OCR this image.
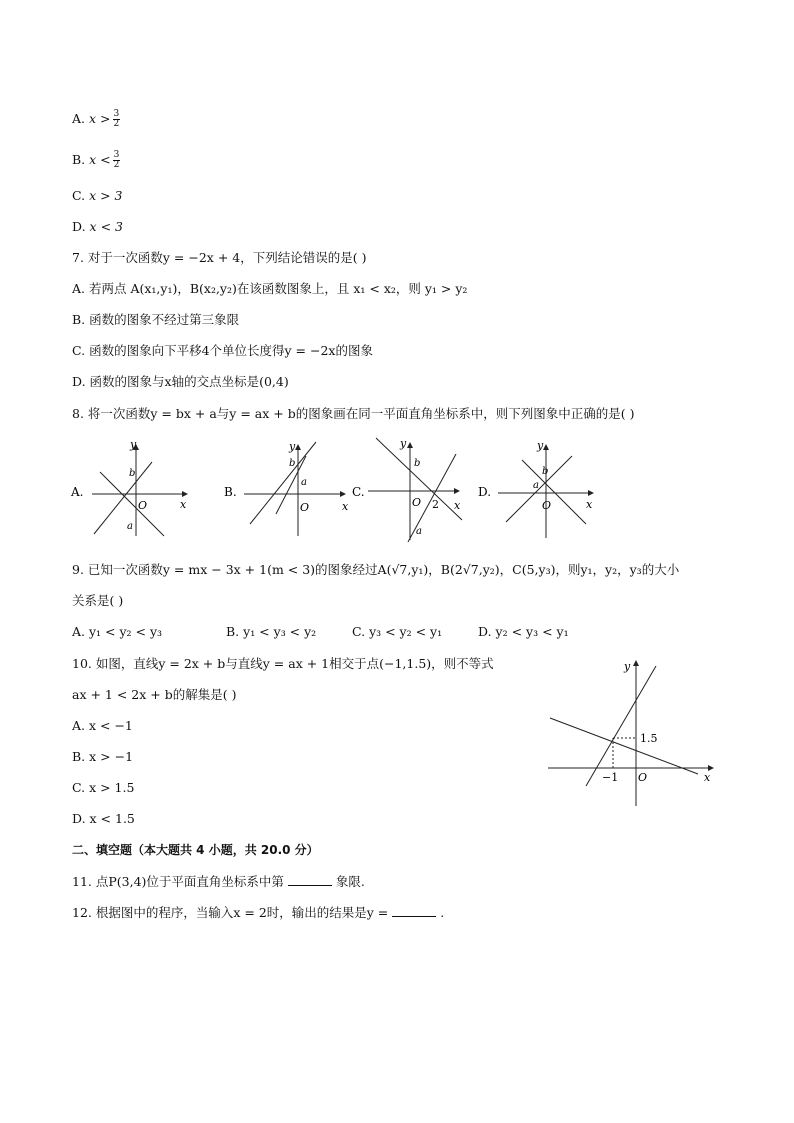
A. $x > \frac{3}{2}$
B. $x < \frac{3}{2}$
C. x > 3
D. x < 3
7. 对于一次函数y = −2x + 4，下列结论错误的是( )
A. 若两点 A(x₁,y₁)，B(x₂,y₂)在该函数图象上，且 x₁ < x₂，则 y₁ > y₂
B. 函数的图象不经过第三象限
C. 函数的图象向下平移4个单位长度得y = −2x的图象
D. 函数的图象与x轴的交点坐标是(0,4)
8. 将一次函数y = bx + a与y = ax + b的图象画在同一平面直角坐标系中，则下列图象中正确的是( )
A.
y
x
O
b
a
B.
y
x
O
b
a
C.
y
x
O
b
a
2
D.
y
x
O
b
a
9. 已知一次函数y = mx − 3x + 1(m < 3)的图象经过A(√7,y₁)，B(2√7,y₂)，C(5,y₃)，则y₁，y₂，y₃的大小
关系是( )
A. y₁ < y₂ < y₃	B. y₁ < y₃ < y₂	C. y₃ < y₂ < y₁	D. y₂ < y₃ < y₁
10. 如图，直线y = 2x + b与直线y = ax + 1相交于点(−1,1.5)，则不等式
ax + 1 < 2x + b的解集是( )
A. x < −1
B. x > −1
C. x > 1.5
D. x < 1.5
y
x
O
1.5
−1
二、填空题（本大题共 4 小题，共 20.0 分）
11. 点P(3,4)位于平面直角坐标系中第	象限.
12. 根据图中的程序，当输入x = 2时，输出的结果是y =	.
